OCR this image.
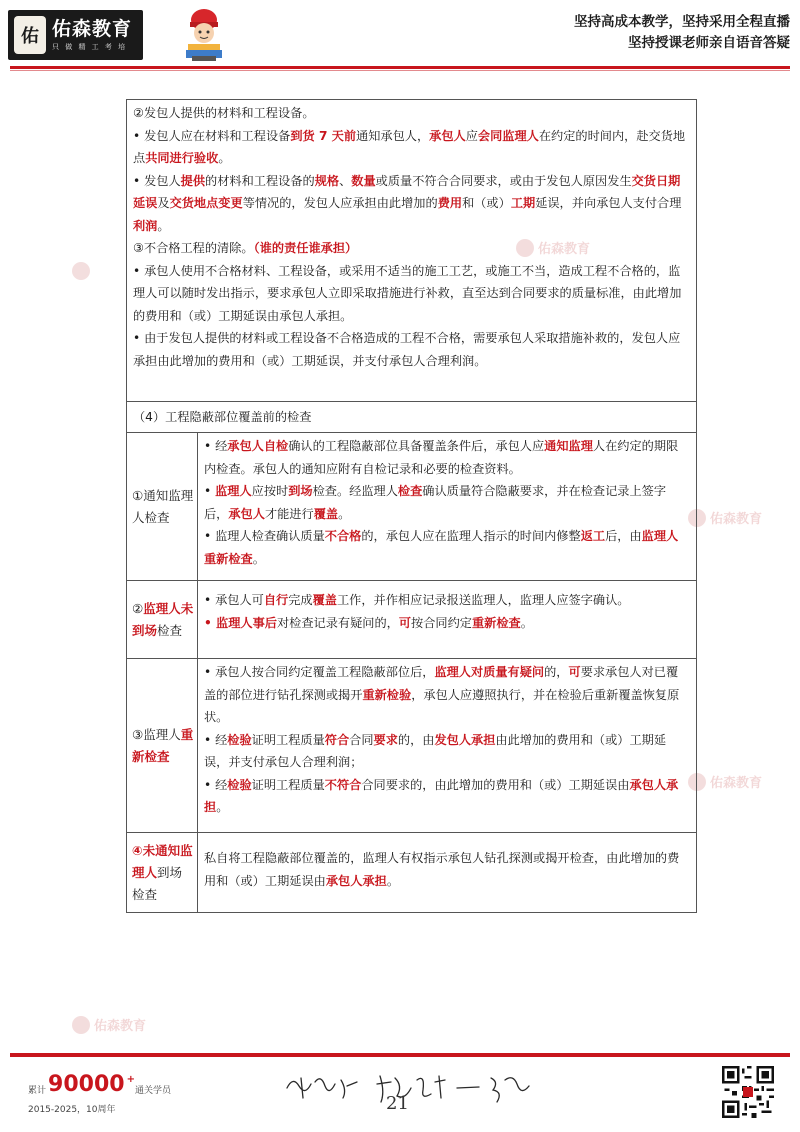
佑 佑森教育
只 做 精 工 考 培
坚持高成本教学，坚持采用全程直播
坚持授课老师亲自语音答疑
佑森教育
佑森教育
佑森教育
佑森教育

②发包人提供的材料和工程设备。

• 发包人应在材料和工程设备到货 7 天前通知承包人，承包人应会同监理人在约定的时间内，赴交货地点共同进行验收。

• 发包人提供的材料和工程设备的规格、数量或质量不符合合同要求，或由于发包人原因发生交货日期延误及交货地点变更等情况的，发包人应承担由此增加的费用和（或）工期延误，并向承包人支付合理利润。

③不合格工程的清除。（谁的责任谁承担）

• 承包人使用不合格材料、工程设备，或采用不适当的施工工艺，或施工不当，造成工程不合格的，监理人可以随时发出指示，要求承包人立即采取措施进行补救，直至达到合同要求的质量标准，由此增加的费用和（或）工期延误由承包人承担。

• 由于发包人提供的材料或工程设备不合格造成的工程不合格，需要承包人采取措施补救的，发包人应承担由此增加的费用和（或）工期延误，并支付承包人合理利润。

（4）工程隐蔽部位覆盖前的检查

①通知监理人检查

• 经承包人自检确认的工程隐蔽部位具备覆盖条件后，承包人应通知监理人在约定的期限内检查。承包人的通知应附有自检记录和必要的检查资料。

• 监理人应按时到场检查。经监理人检查确认质量符合隐蔽要求，并在检查记录上签字后，承包人才能进行覆盖。

• 监理人检查确认质量不合格的，承包人应在监理人指示的时间内修整返工后，由监理人重新检查。

②监理人未到场检查

• 承包人可自行完成覆盖工作，并作相应记录报送监理人，监理人应签字确认。

• 监理人事后对检查记录有疑问的，可按合同约定重新检查。

③监理人重新检查

• 承包人按合同约定覆盖工程隐蔽部位后，监理人对质量有疑问的，可要求承包人对已覆盖的部位进行钻孔探测或揭开重新检验，承包人应遵照执行，并在检验后重新覆盖恢复原状。

• 经检验证明工程质量符合合同要求的，由发包人承担由此增加的费用和（或）工期延误，并支付承包人合理利润；

• 经检验证明工程质量不符合合同要求的，由此增加的费用和（或）工期延误由承包人承担。

④未通知监理人到场检查

私自将工程隐蔽部位覆盖的，监理人有权指示承包人钻孔探测或揭开检查，由此增加的费用和（或）工期延误由承包人承担。

累计 90000 +
通关学员
2015-2025，10周年	21
